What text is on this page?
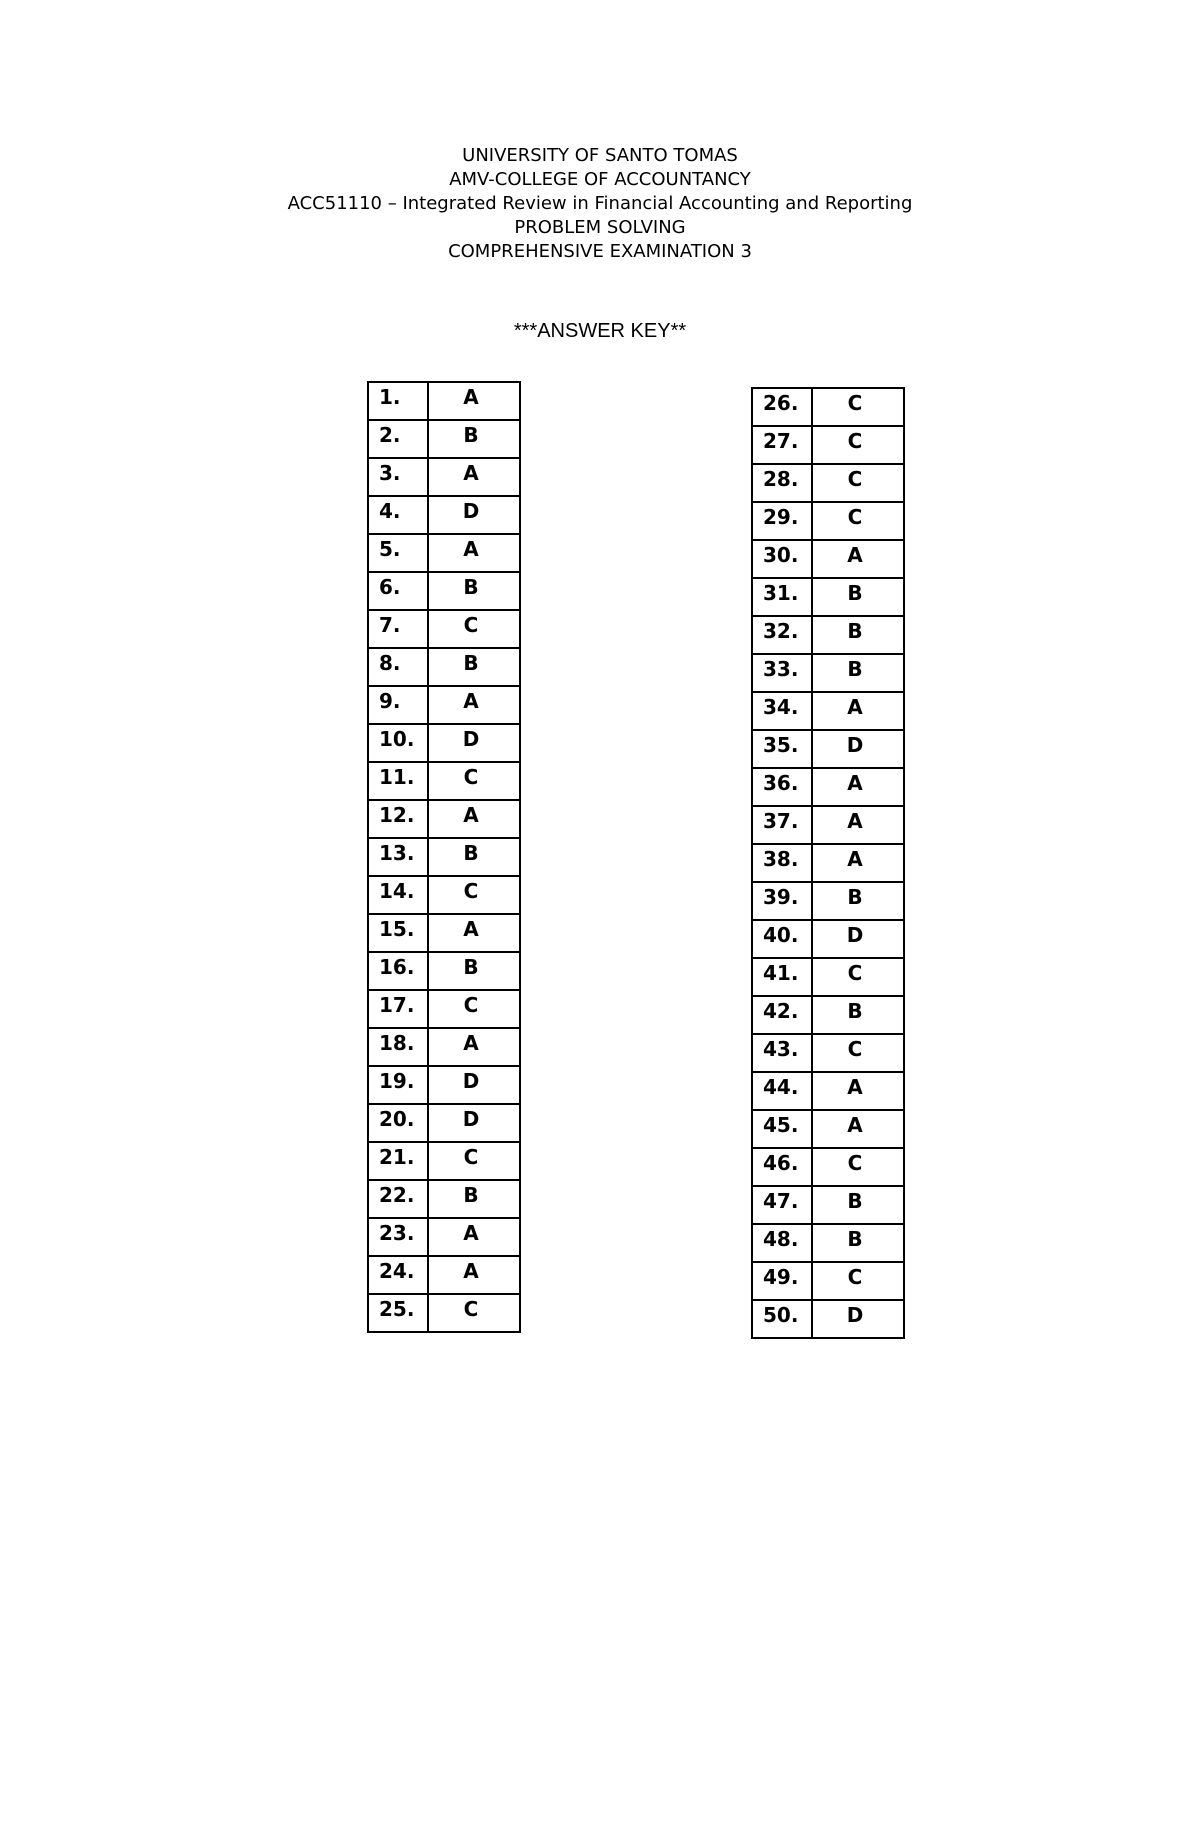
UNIVERSITY OF SANTO TOMAS
AMV-COLLEGE OF ACCOUNTANCY
ACC51110 – Integrated Review in Financial Accounting and Reporting
PROBLEM SOLVING
COMPREHENSIVE EXAMINATION 3
***ANSWER KEY**
1.	A
2.	B
3.	A
4.	D
5.	A
6.	B
7.	C
8.	B
9.	A
10.	D
11.	C
12.	A
13.	B
14.	C
15.	A
16.	B
17.	C
18.	A
19.	D
20.	D
21.	C
22.	B
23.	A
24.	A
25.	C
26.	C
27.	C
28.	C
29.	C
30.	A
31.	B
32.	B
33.	B
34.	A
35.	D
36.	A
37.	A
38.	A
39.	B
40.	D
41.	C
42.	B
43.	C
44.	A
45.	A
46.	C
47.	B
48.	B
49.	C
50.	D
